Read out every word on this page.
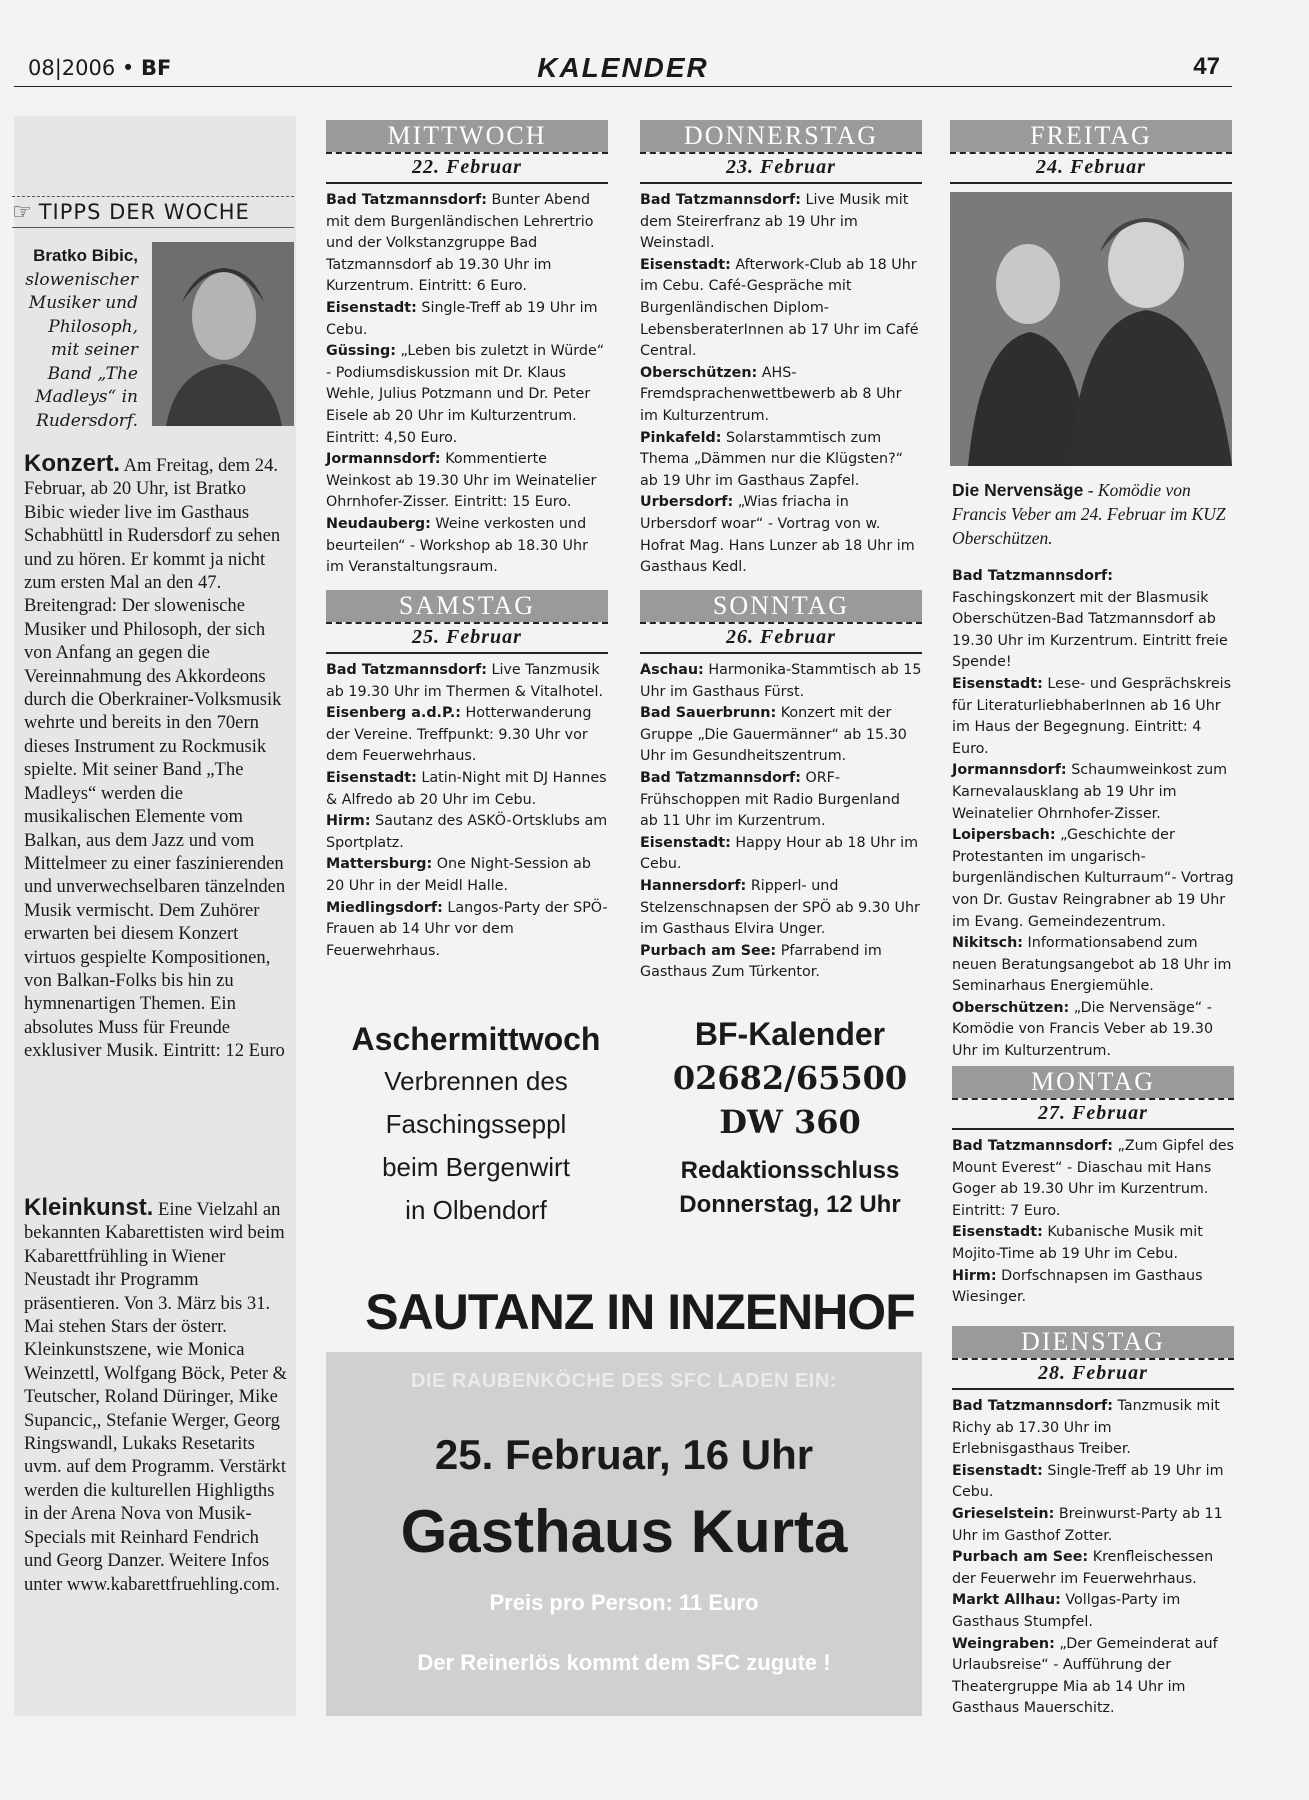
08|2006 • BF	KALENDER	47
☞ TIPPS DER WOCHE
Bratko Bibic, slowenischer Musiker und Philosoph, mit seiner Band „The Madleys“ in Rudersdorf.
Konzert. Am Freitag, dem 24. Februar, ab 20 Uhr, ist Bratko Bibic wieder live im Gasthaus Schabhüttl in Rudersdorf zu sehen und zu hören. Er kommt ja nicht zum ersten Mal an den 47. Breitengrad: Der slowenische Musiker und Philosoph, der sich von Anfang an gegen die Vereinnahmung des Akkordeons durch die Oberkrainer-Volksmusik wehrte und bereits in den 70ern dieses Instrument zu Rockmusik spielte. Mit seiner Band „The Madleys“ werden die musikalischen Elemente vom Balkan, aus dem Jazz und vom Mittelmeer zu einer faszinierenden und unverwechselbaren tänzelnden Musik vermischt. Dem Zuhörer erwarten bei diesem Konzert virtuos gespielte Kompositionen, von Balkan-Folks bis hin zu hymnenartigen Themen. Ein absolutes Muss für Freunde exklusiver Musik. Eintritt: 12 Euro
Kleinkunst. Eine Vielzahl an bekannten Kabarettisten wird beim Kabarettfrühling in Wiener Neustadt ihr Programm präsentieren. Von 3. März bis 31. Mai stehen Stars der österr. Kleinkunstszene, wie Monica Weinzettl, Wolfgang Böck, Peter & Teutscher, Roland Düringer, Mike Supancic,, Stefanie Werger, Georg Ringswandl, Lukaks Resetarits uvm. auf dem Programm. Verstärkt werden die kulturellen Highligths in der Arena Nova von Musik-Specials mit Reinhard Fendrich und Georg Danzer. Weitere Infos unter www.kabarettfruehling.com.
MITTWOCH
22. Februar
DONNERSTAG
23. Februar
FREITAG
24. Februar
SAMSTAG
25. Februar
SONNTAG
26. Februar
MONTAG
27. Februar
DIENSTAG
28. Februar

Bad Tatzmannsdorf: Bunter Abend mit dem Burgenländischen Lehrertrio und der Volkstanzgruppe Bad Tatzmannsdorf ab 19.30 Uhr im Kurzentrum. Eintritt: 6 Euro.

Eisenstadt: Single-Treff ab 19 Uhr im Cebu.

Güssing: „Leben bis zuletzt in Würde“ - Podiumsdiskussion mit Dr. Klaus Wehle, Julius Potzmann und Dr. Peter Eisele ab 20 Uhr im Kulturzentrum. Eintritt: 4,50 Euro.

Jormannsdorf: Kommentierte Weinkost ab 19.30 Uhr im Weinatelier Ohrnhofer-Zisser. Eintritt: 15 Euro.

Neudauberg: Weine verkosten und beurteilen“ - Workshop ab 18.30 Uhr im Veranstaltungsraum.

Bad Tatzmannsdorf: Live Musik mit dem Steirerfranz ab 19 Uhr im Weinstadl.

Eisenstadt: Afterwork-Club ab 18 Uhr im Cebu. Café-Gespräche mit Burgenländischen Diplom-LebensberaterInnen ab 17 Uhr im Café Central.

Oberschützen: AHS-Fremdsprachenwettbewerb ab 8 Uhr im Kulturzentrum.

Pinkafeld: Solarstammtisch zum Thema „Dämmen nur die Klügsten?“ ab 19 Uhr im Gasthaus Zapfel.

Urbersdorf: „Wias friacha in Urbersdorf woar“ - Vortrag von w. Hofrat Mag. Hans Lunzer ab 18 Uhr im Gasthaus Kedl.

Bad Tatzmannsdorf: Live Tanzmusik ab 19.30 Uhr im Thermen & Vitalhotel.

Eisenberg a.d.P.: Hotterwanderung der Vereine. Treffpunkt: 9.30 Uhr vor dem Feuerwehrhaus.

Eisenstadt: Latin-Night mit DJ Hannes & Alfredo ab 20 Uhr im Cebu.

Hirm: Sautanz des ASKÖ-Ortsklubs am Sportplatz.

Mattersburg: One Night-Session ab 20 Uhr in der Meidl Halle.

Miedlingsdorf: Langos-Party der SPÖ-Frauen ab 14 Uhr vor dem Feuerwehrhaus.

Aschau: Harmonika-Stammtisch ab 15 Uhr im Gasthaus Fürst.

Bad Sauerbrunn: Konzert mit der Gruppe „Die Gauermänner“ ab 15.30 Uhr im Gesundheitszentrum.

Bad Tatzmannsdorf: ORF-Frühschoppen mit Radio Burgenland ab 11 Uhr im Kurzentrum.

Eisenstadt: Happy Hour ab 18 Uhr im Cebu.

Hannersdorf: Ripperl- und Stelzenschnapsen der SPÖ ab 9.30 Uhr im Gasthaus Elvira Unger.

Purbach am See: Pfarrabend im Gasthaus Zum Türkentor.

Bad Tatzmannsdorf: Faschingskonzert mit der Blasmusik Oberschützen-Bad Tatzmannsdorf ab 19.30 Uhr im Kurzentrum. Eintritt freie Spende!

Eisenstadt: Lese- und Gesprächskreis für LiteraturliebhaberInnen ab 16 Uhr im Haus der Begegnung. Eintritt: 4 Euro.

Jormannsdorf: Schaumweinkost zum Karnevalausklang ab 19 Uhr im Weinatelier Ohrnhofer-Zisser.

Loipersbach: „Geschichte der Protestanten im ungarisch-burgenländischen Kulturraum“- Vortrag von Dr. Gustav Reingrabner ab 19 Uhr im Evang. Gemeindezentrum.

Nikitsch: Informationsabend zum neuen Beratungsangebot ab 18 Uhr im Seminarhaus Energiemühle.

Oberschützen: „Die Nervensäge“ - Komödie von Francis Veber ab 19.30 Uhr im Kulturzentrum.

Bad Tatzmannsdorf: „Zum Gipfel des Mount Everest“ - Diaschau mit Hans Goger ab 19.30 Uhr im Kurzentrum. Eintritt: 7 Euro.

Eisenstadt: Kubanische Musik mit Mojito-Time ab 19 Uhr im Cebu.

Hirm: Dorfschnapsen im Gasthaus Wiesinger.

Bad Tatzmannsdorf: Tanzmusik mit Richy ab 17.30 Uhr im Erlebnisgasthaus Treiber.

Eisenstadt: Single-Treff ab 19 Uhr im Cebu.

Grieselstein: Breinwurst-Party ab 11 Uhr im Gasthof Zotter.

Purbach am See: Krenfleischessen der Feuerwehr im Feuerwehrhaus.

Markt Allhau: Vollgas-Party im Gasthaus Stumpfel.

Weingraben: „Der Gemeinderat auf Urlaubsreise“ - Aufführung der Theatergruppe Mia ab 14 Uhr im Gasthaus Mauerschitz.

Die Nervensäge - Komödie von Francis Veber am 24. Februar im KUZ Oberschützen.
Aschermittwoch
Verbrennen des
Faschingsseppl
beim Bergenwirt
in Olbendorf
BF-Kalender
02682/65500
DW 360
Redaktionsschluss
Donnerstag, 12 Uhr
SAUTANZ IN INZENHOF
DIE RAUBENKÖCHE DES SFC LADEN EIN:
25. Februar, 16 Uhr
Gasthaus Kurta
Preis pro Person: 11 Euro
Der Reinerlös kommt dem SFC zugute !
